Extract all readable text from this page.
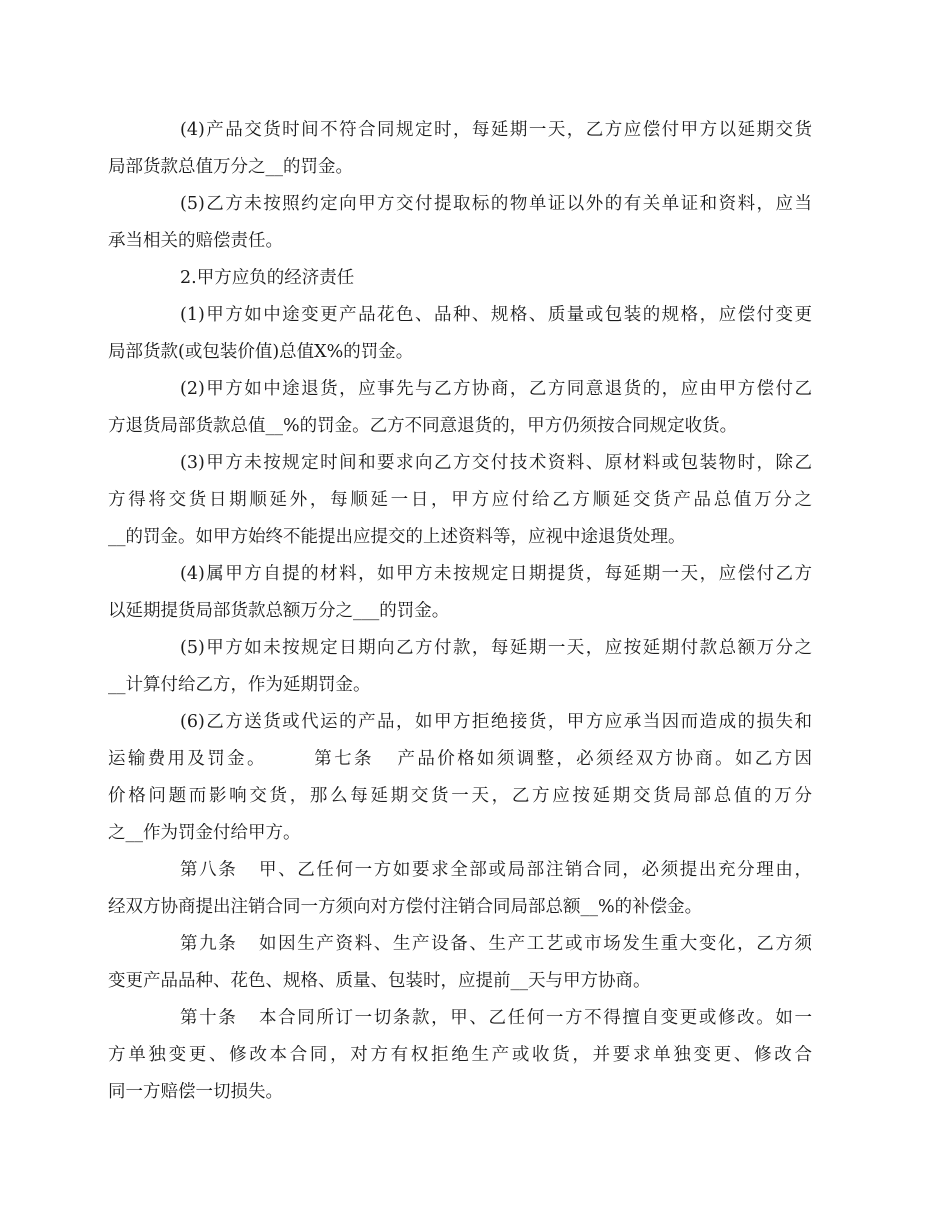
(4)产品交货时间不符合同规定时，每延期一天，乙方应偿付甲方以延期交货
局部货款总值万分之__的罚金。

(5)乙方未按照约定向甲方交付提取标的物单证以外的有关单证和资料，应当
承当相关的赔偿责任。

2.甲方应负的经济责任

(1)甲方如中途变更产品花色、品种、规格、质量或包装的规格，应偿付变更
局部货款(或包装价值)总值X%的罚金。

(2)甲方如中途退货，应事先与乙方协商，乙方同意退货的，应由甲方偿付乙
方退货局部货款总值__%的罚金。乙方不同意退货的，甲方仍须按合同规定收货。

(3)甲方未按规定时间和要求向乙方交付技术资料、原材料或包装物时，除乙
方得将交货日期顺延外，每顺延一日，甲方应付给乙方顺延交货产品总值万分之
__的罚金。如甲方始终不能提出应提交的上述资料等，应视中途退货处理。

(4)属甲方自提的材料，如甲方未按规定日期提货，每延期一天，应偿付乙方
以延期提货局部货款总额万分之___的罚金。

(5)甲方如未按规定日期向乙方付款，每延期一天，应按延期付款总额万分之
__计算付给乙方，作为延期罚金。

(6)乙方送货或代运的产品，如甲方拒绝接货，甲方应承当因而造成的损失和
运输费用及罚金。      第七条   产品价格如须调整，必须经双方协商。如乙方因
价格问题而影响交货，那么每延期交货一天，乙方应按延期交货局部总值的万分
之__作为罚金付给甲方。

第八条   甲、乙任何一方如要求全部或局部注销合同，必须提出充分理由，
经双方协商提出注销合同一方须向对方偿付注销合同局部总额__%的补偿金。

第九条   如因生产资料、生产设备、生产工艺或市场发生重大变化，乙方须
变更产品品种、花色、规格、质量、包装时，应提前__天与甲方协商。

第十条   本合同所订一切条款，甲、乙任何一方不得擅自变更或修改。如一
方单独变更、修改本合同，对方有权拒绝生产或收货，并要求单独变更、修改合
同一方赔偿一切损失。
